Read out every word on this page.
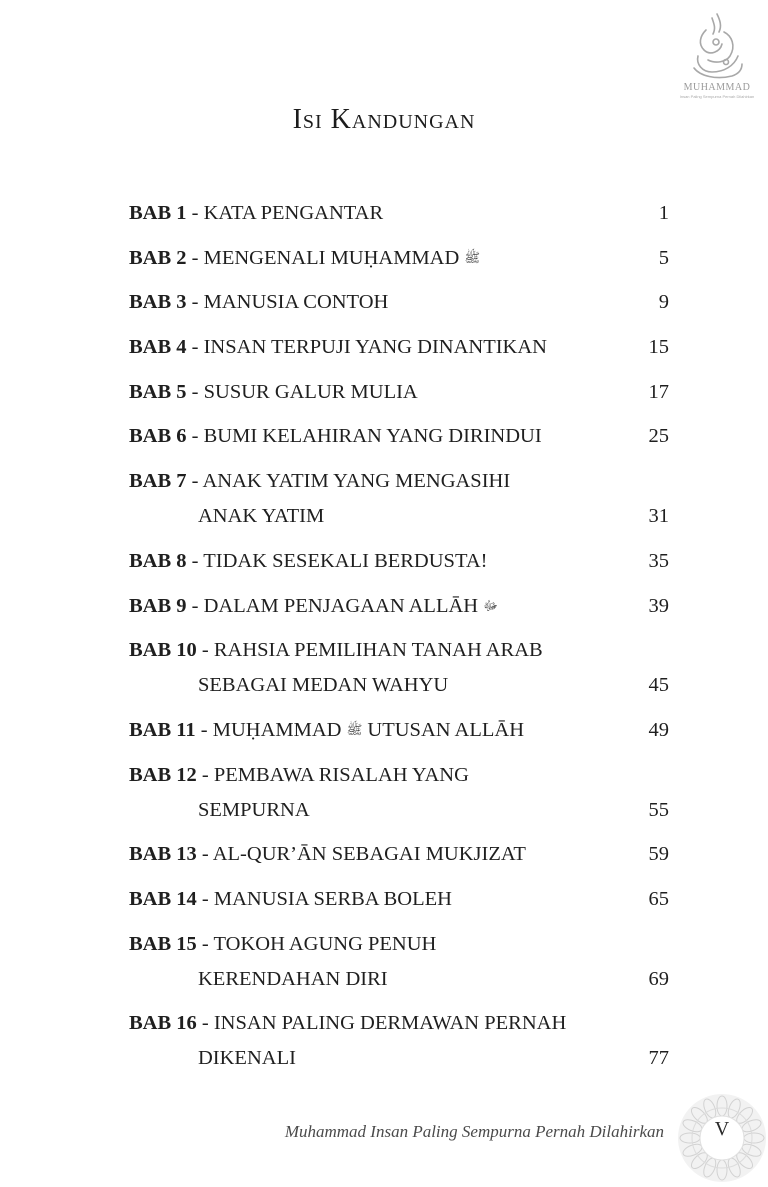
MUHAMMAD
Insan Paling Sempurna Pernah Dilahirkan
Isi Kandungan
BAB 1 - KATA PENGANTAR	1
BAB 2 - MENGENALI MUḤAMMAD ﷺ	5
BAB 3 - MANUSIA CONTOH	9
BAB 4 - INSAN TERPUJI YANG DINANTIKAN	15
BAB 5 - SUSUR GALUR MULIA	17
BAB 6 - BUMI KELAHIRAN YANG DIRINDUI	25
BAB 7 - ANAK YATIM YANG MENGASIHI
ANAK YATIM	31
BAB 8 - TIDAK SESEKALI BERDUSTA!	35
BAB 9 - DALAM PENJAGAAN ALLĀH ﷻ	39
BAB 10 - RAHSIA PEMILIHAN TANAH ARAB
SEBAGAI MEDAN WAHYU	45
BAB 11 - MUḤAMMAD ﷺ UTUSAN ALLĀH	49
BAB 12 - PEMBAWA RISALAH YANG
SEMPURNA	55
BAB 13 - AL-QUR’ĀN SEBAGAI MUKJIZAT	59
BAB 14 - MANUSIA SERBA BOLEH	65
BAB 15 - TOKOH AGUNG PENUH
KERENDAHAN DIRI	69
BAB 16 - INSAN PALING DERMAWAN PERNAH
DIKENALI	77
Muhammad Insan Paling Sempurna Pernah Dilahirkan	V
